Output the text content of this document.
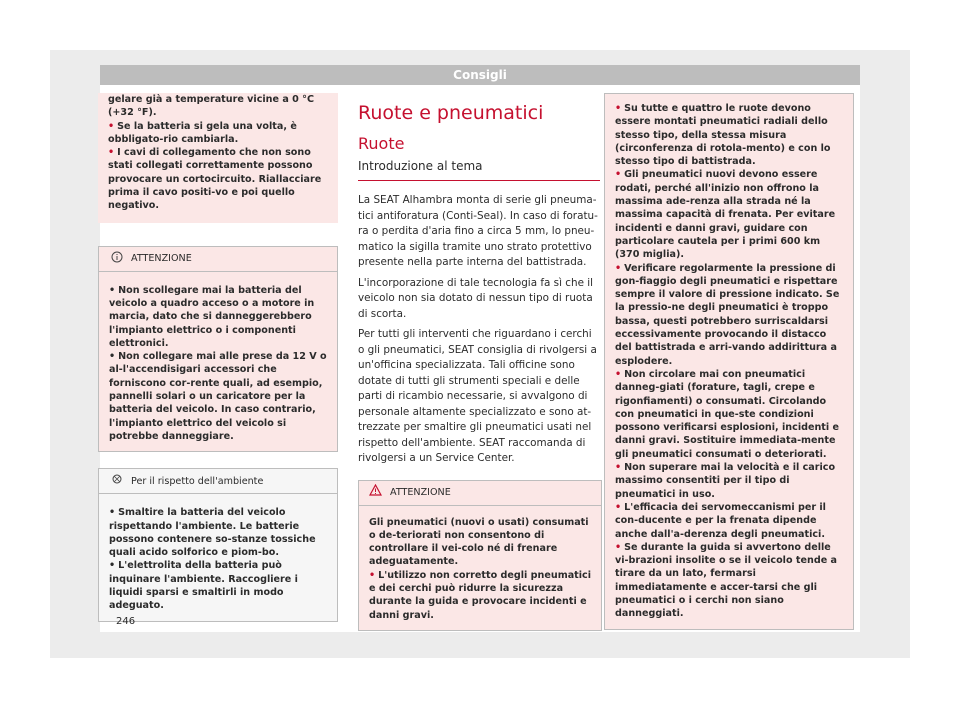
Consigli

gelare già a temperature vicine a 0 °C (+32 °F).

• Se la batteria si gela una volta, è obbligato-rio cambiarla.

• I cavi di collegamento che non sono stati collegati correttamente possono provocare un cortocircuito. Riallacciare prima il cavo positi-vo e poi quello negativo.

ATTENZIONE

• Non scollegare mai la batteria del veicolo a quadro acceso o a motore in marcia, dato che si danneggerebbero l'impianto elettrico o i componenti elettronici.

• Non collegare mai alle prese da 12 V o al-l'accendisigari accessori che forniscono cor-rente quali, ad esempio, pannelli solari o un caricatore per la batteria del veicolo. In caso contrario, l'impianto elettrico del veicolo si potrebbe danneggiare.

Per il rispetto dell'ambiente

• Smaltire la batteria del veicolo rispettando l'ambiente. Le batterie possono contenere so-stanze tossiche quali acido solforico e piom-bo.

• L'elettrolita della batteria può inquinare l'ambiente. Raccogliere i liquidi sparsi e smaltirli in modo adeguato.

Ruote e pneumatici
Ruote
Introduzione al tema

La SEAT Alhambra monta di serie gli pneuma-tici antiforatura (Conti-Seal). In caso di foratu-ra o perdita d'aria fino a circa 5 mm, lo pneu-matico la sigilla tramite uno strato protettivo presente nella parte interna del battistrada.

L'incorporazione di tale tecnologia fa sì che il veicolo non sia dotato di nessun tipo di ruota di scorta.

Per tutti gli interventi che riguardano i cerchi o gli pneumatici, SEAT consiglia di rivolgersi a un'officina specializzata. Tali officine sono dotate di tutti gli strumenti speciali e delle parti di ricambio necessarie, si avvalgono di personale altamente specializzato e sono at-trezzate per smaltire gli pneumatici usati nel rispetto dell'ambiente. SEAT raccomanda di rivolgersi a un Service Center.

ATTENZIONE

Gli pneumatici (nuovi o usati) consumati o de-teriorati non consentono di controllare il vei-colo né di frenare adeguatamente.

• L'utilizzo non corretto degli pneumatici e dei cerchi può ridurre la sicurezza durante la guida e provocare incidenti e danni gravi.

• Su tutte e quattro le ruote devono essere montati pneumatici radiali dello stesso tipo, della stessa misura (circonferenza di rotola-mento) e con lo stesso tipo di battistrada.

• Gli pneumatici nuovi devono essere rodati, perché all'inizio non offrono la massima ade-renza alla strada né la massima capacità di frenata. Per evitare incidenti e danni gravi, guidare con particolare cautela per i primi 600 km (370 miglia).

• Verificare regolarmente la pressione di gon-fiaggio degli pneumatici e rispettare sempre il valore di pressione indicato. Se la pressio-ne degli pneumatici è troppo bassa, questi potrebbero surriscaldarsi eccessivamente provocando il distacco del battistrada e arri-vando addirittura a esplodere.

• Non circolare mai con pneumatici danneg-giati (forature, tagli, crepe e rigonfiamenti) o consumati. Circolando con pneumatici in que-ste condizioni possono verificarsi esplosioni, incidenti e danni gravi. Sostituire immediata-mente gli pneumatici consumati o deteriorati.

• Non superare mai la velocità e il carico massimo consentiti per il tipo di pneumatici in uso.

• L'efficacia dei servomeccanismi per il con-ducente e per la frenata dipende anche dall'a-derenza degli pneumatici.

• Se durante la guida si avvertono delle vi-brazioni insolite o se il veicolo tende a tirare da un lato, fermarsi immediatamente e accer-tarsi che gli pneumatici o i cerchi non siano danneggiati.

246
